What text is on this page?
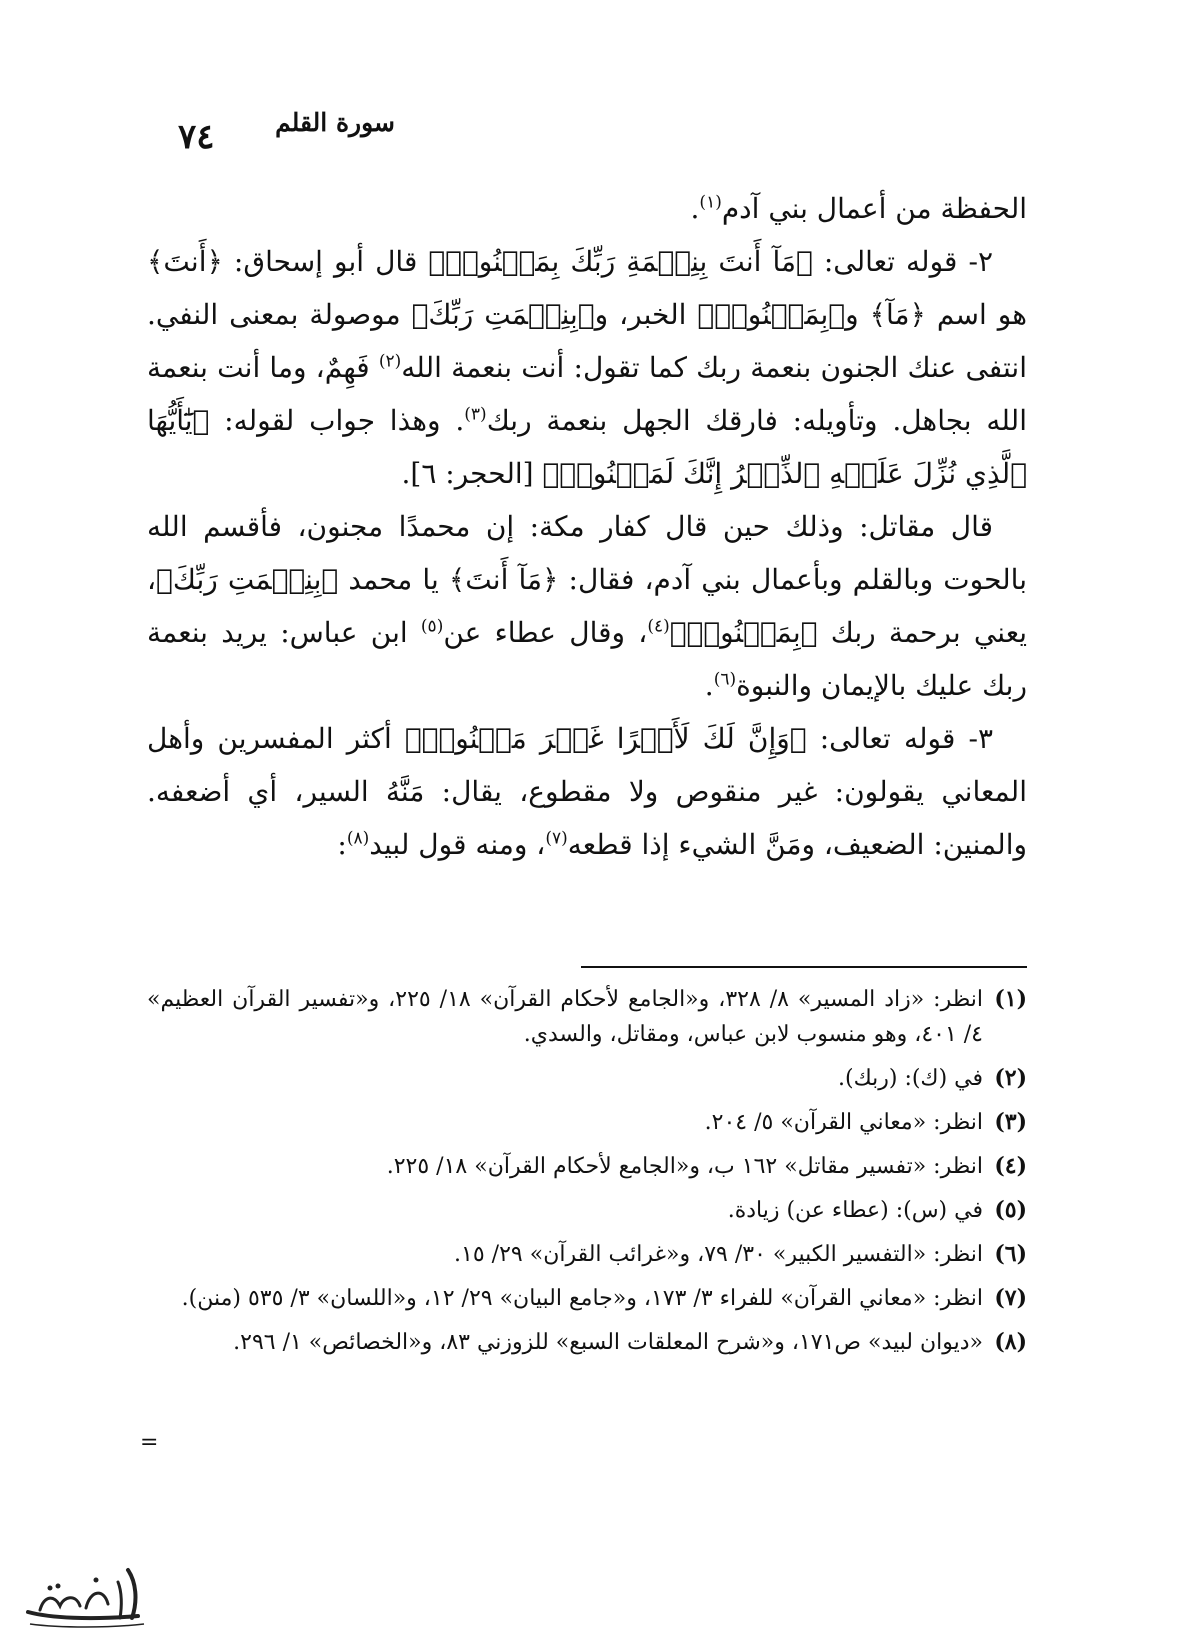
سورة القلم
٧٤

الحفظة من أعمال بني آدم$^{(١)}$.

٢- قوله تعالى: ﴿مَآ أَنتَ بِنِعۡمَةِ رَبِّكَ بِمَجۡنُونٖ﴾ قال أبو إسحاق: ﴿أَنتَ﴾ هو اسم ﴿مَآ﴾ و﴿بِمَجۡنُونٖ﴾ الخبر، و﴿بِنِعۡمَتِ رَبِّكَ﴾ موصولة بمعنى النفي. انتفى عنك الجنون بنعمة ربك كما تقول: أنت بنعمة الله$^{(٢)}$ فَهِمٌ، وما أنت بنعمة الله بجاهل. وتأويله: فارقك الجهل بنعمة ربك$^{(٣)}$. وهذا جواب لقوله: ﴿يَٰٓأَيُّهَا ٱلَّذِي نُزِّلَ عَلَيۡهِ ٱلذِّكۡرُ إِنَّكَ لَمَجۡنُونٞ﴾ [الحجر: ٦].

قال مقاتل: وذلك حين قال كفار مكة: إن محمدًا مجنون، فأقسم الله بالحوت وبالقلم وبأعمال بني آدم، فقال: ﴿مَآ أَنتَ﴾ يا محمد ﴿بِنِعۡمَتِ رَبِّكَ﴾، يعني برحمة ربك ﴿بِمَجۡنُونٖ﴾$^{(٤)}$، وقال عطاء عن$^{(٥)}$ ابن عباس: يريد بنعمة ربك عليك بالإيمان والنبوة$^{(٦)}$.

٣- قوله تعالى: ﴿وَإِنَّ لَكَ لَأَجۡرًا غَيۡرَ مَمۡنُونٖ﴾ أكثر المفسرين وأهل المعاني يقولون: غير منقوص ولا مقطوع، يقال: مَنَّهُ السير، أي أضعفه. والمنين: الضعيف، ومَنَّ الشيء إذا قطعه$^{(٧)}$، ومنه قول لبيد$^{(٨)}$:

(١)
انظر: «زاد المسير» ٨/ ٣٢٨، و«الجامع لأحكام القرآن» ١٨/ ٢٢٥، و«تفسير القرآن العظيم» ٤/ ٤٠١، وهو منسوب لابن عباس، ومقاتل، والسدي.
(٢)
في (ك): (ربك).
(٣)
انظر: «معاني القرآن» ٥/ ٢٠٤.
(٤)
انظر: «تفسير مقاتل» ١٦٢ ب، و«الجامع لأحكام القرآن» ١٨/ ٢٢٥.
(٥)
في (س): (عطاء عن) زيادة.
(٦)
انظر: «التفسير الكبير» ٣٠/ ٧٩، و«غرائب القرآن» ٢٩/ ١٥.
(٧)
انظر: «معاني القرآن» للفراء ٣/ ١٧٣، و«جامع البيان» ٢٩/ ١٢، و«اللسان» ٣/ ٥٣٥ (منن).
(٨)
«ديوان لبيد» ص١٧١، و«شرح المعلقات السبع» للزوزني ٨٣، و«الخصائص» ١/ ٢٩٦.
=
